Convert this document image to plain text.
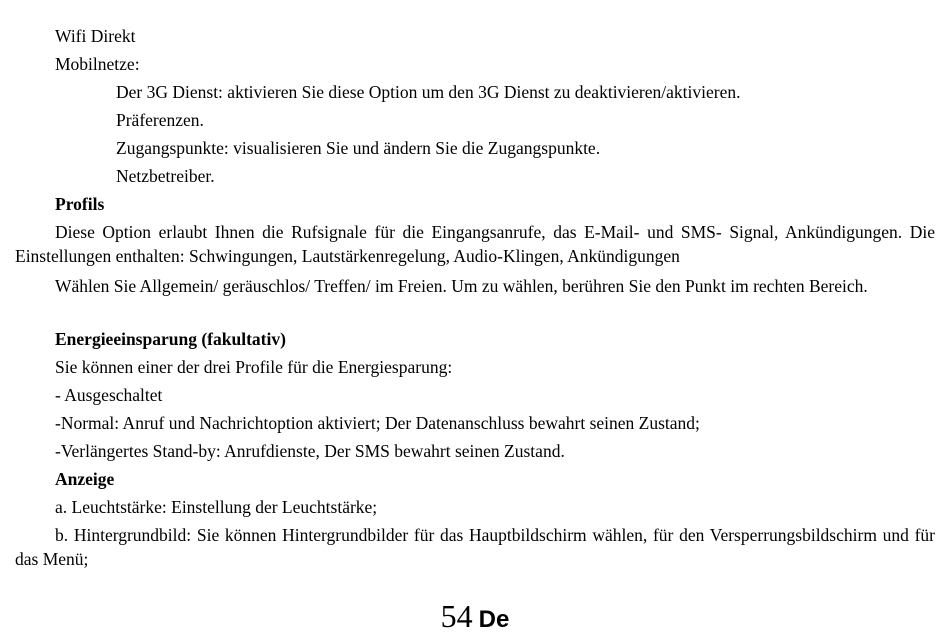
Wifi Direkt
Mobilnetze:
Der 3G Dienst: aktivieren Sie diese Option um den 3G Dienst zu deaktivieren/aktivieren.
Präferenzen.
Zugangspunkte: visualisieren Sie und ändern Sie die Zugangspunkte.
Netzbetreiber.
Profils
Diese Option erlaubt Ihnen die Rufsignale für die Eingangsanrufe, das E-Mail- und SMS- Signal, Ankündigungen. Die Einstellungen enthalten: Schwingungen, Lautstärkenregelung, Audio-Klingen, Ankündigungen
Wählen Sie Allgemein/ geräuschlos/ Treffen/ im Freien. Um zu wählen, berühren Sie den Punkt im rechten Bereich.
Energieeinsparung (fakultativ)
Sie können einer der drei Profile für die Energiesparung:
- Ausgeschaltet
-Normal: Anruf und Nachrichtoption aktiviert; Der Datenanschluss bewahrt seinen Zustand;
-Verlängertes Stand-by: Anrufdienste, Der SMS bewahrt seinen Zustand.
Anzeige
a. Leuchtstärke: Einstellung der Leuchtstärke;
b. Hintergrundbild: Sie können Hintergrundbilder für das Hauptbildschirm wählen, für den Versperrungsbildschirm und für das Menü;
54 De
